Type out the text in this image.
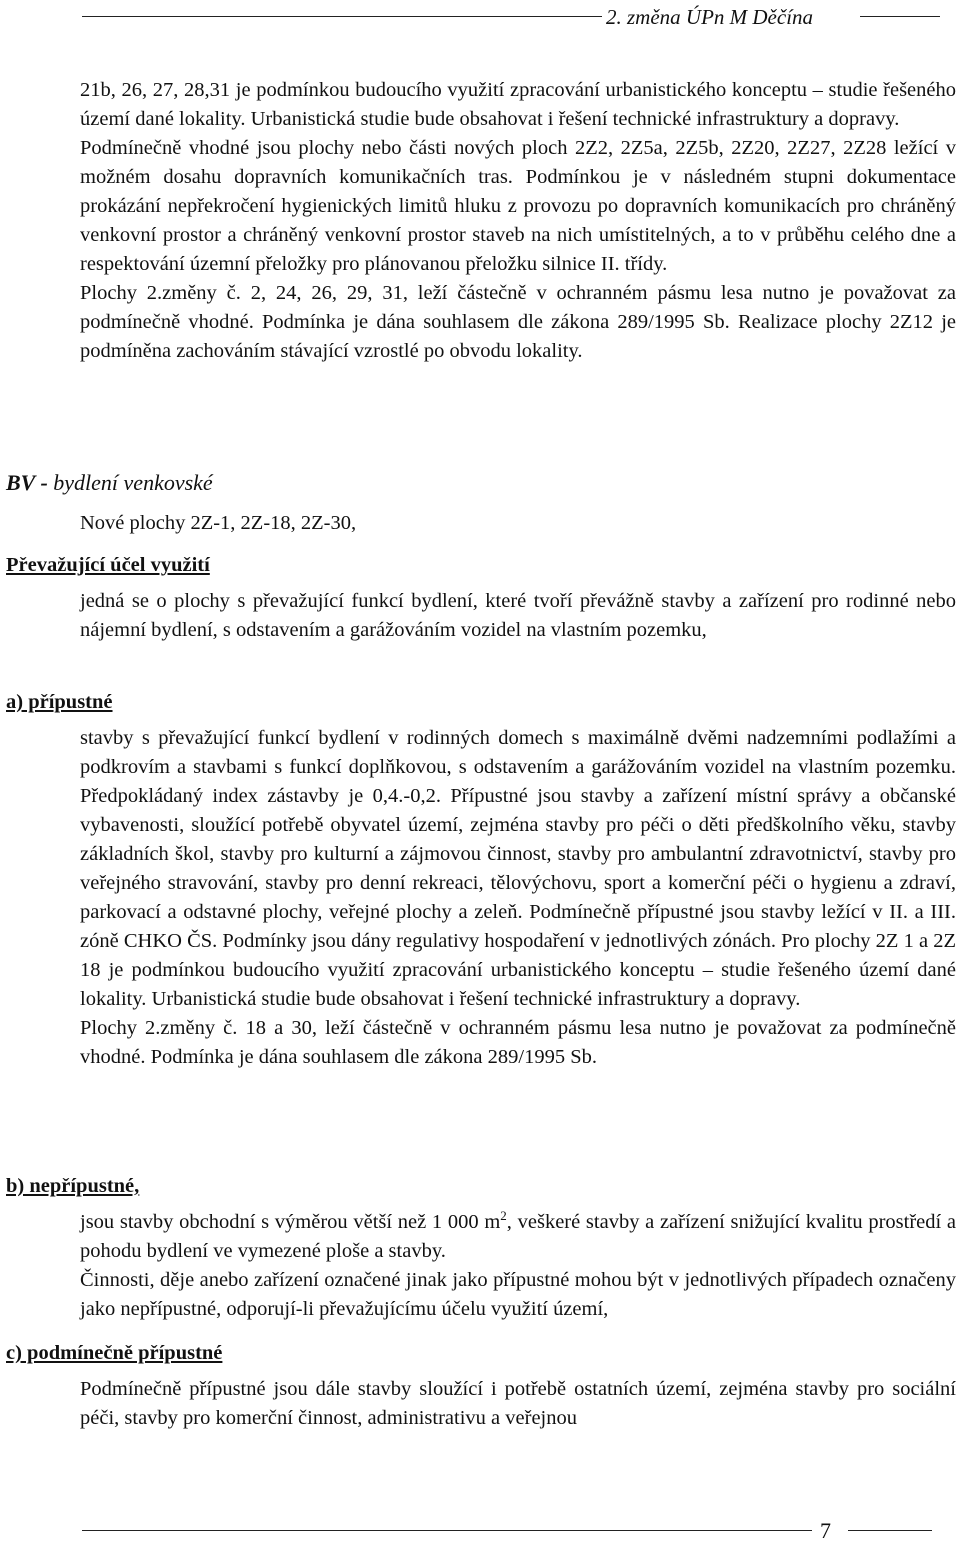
2. změna ÚPn M Děčína

21b, 26, 27, 28,31 je podmínkou budoucího využití zpracování urbanistického konceptu – studie řešeného území dané lokality. Urbanistická studie bude obsahovat i řešení technické infrastruktury a dopravy.

Podmínečně vhodné jsou plochy nebo části nových ploch 2Z2, 2Z5a, 2Z5b, 2Z20, 2Z27, 2Z28 ležící v možném dosahu dopravních komunikačních tras. Podmínkou je v následném stupni dokumentace prokázání nepřekročení hygienických limitů hluku z provozu po dopravních komunikacích pro chráněný venkovní prostor a chráněný venkovní prostor staveb na nich umístitelných, a to v průběhu celého dne a respektování územní přeložky pro plánovanou přeložku silnice II. třídy.

Plochy 2.změny č. 2, 24, 26, 29, 31, leží částečně v ochranném pásmu lesa nutno je považovat za podmínečně vhodné. Podmínka je dána souhlasem dle zákona 289/1995 Sb. Realizace plochy 2Z12 je podmíněna zachováním stávající vzrostlé po obvodu lokality.

BV - bydlení venkovské
Nové plochy 2Z-1, 2Z-18, 2Z-30,
Převažující účel využití
jedná se o plochy s převažující funkcí bydlení, které tvoří převážně stavby a zařízení pro rodinné nebo nájemní bydlení, s odstavením a garážováním vozidel na vlastním pozemku,
a) přípustné

stavby s převažující funkcí bydlení v rodinných domech s maximálně dvěmi nadzemními podlažími a podkrovím a stavbami s funkcí doplňkovou, s odstavením a garážováním vozidel na vlastním pozemku. Předpokládaný index zástavby je 0,4.-0,2. Přípustné jsou stavby a zařízení místní správy a občanské vybavenosti, sloužící potřebě obyvatel území, zejména stavby pro péči o děti předškolního věku, stavby základních škol, stavby pro kulturní a zájmovou činnost, stavby pro ambulantní zdravotnictví, stavby pro veřejného stravování, stavby pro denní rekreaci, tělovýchovu, sport a komerční péči o hygienu a zdraví, parkovací a odstavné plochy, veřejné plochy a zeleň. Podmínečně přípustné jsou stavby ležící v II. a III. zóně CHKO ČS. Podmínky jsou dány regulativy hospodaření v jednotlivých zónách. Pro plochy 2Z 1 a 2Z 18 je podmínkou budoucího využití zpracování urbanistického konceptu – studie řešeného území dané lokality. Urbanistická studie bude obsahovat i řešení technické infrastruktury a dopravy.

Plochy 2.změny č. 18 a 30, leží částečně v ochranném pásmu lesa nutno je považovat za podmínečně vhodné. Podmínka je dána souhlasem dle zákona 289/1995 Sb.

b) nepřípustné,

jsou stavby obchodní s výměrou větší než 1 000 $m^2$, veškeré stavby a zařízení snižující kvalitu prostředí a pohodu bydlení ve vymezené ploše a stavby.

Činnosti, děje anebo zařízení označené jinak jako přípustné mohou být v jednotlivých případech označeny jako nepřípustné, odporují-li převažujícímu účelu využití území,

c) podmínečně přípustné
Podmínečně přípustné jsou dále stavby sloužící i potřebě ostatních území, zejména stavby pro sociální péči, stavby pro komerční činnost, administrativu a veřejnou
7
